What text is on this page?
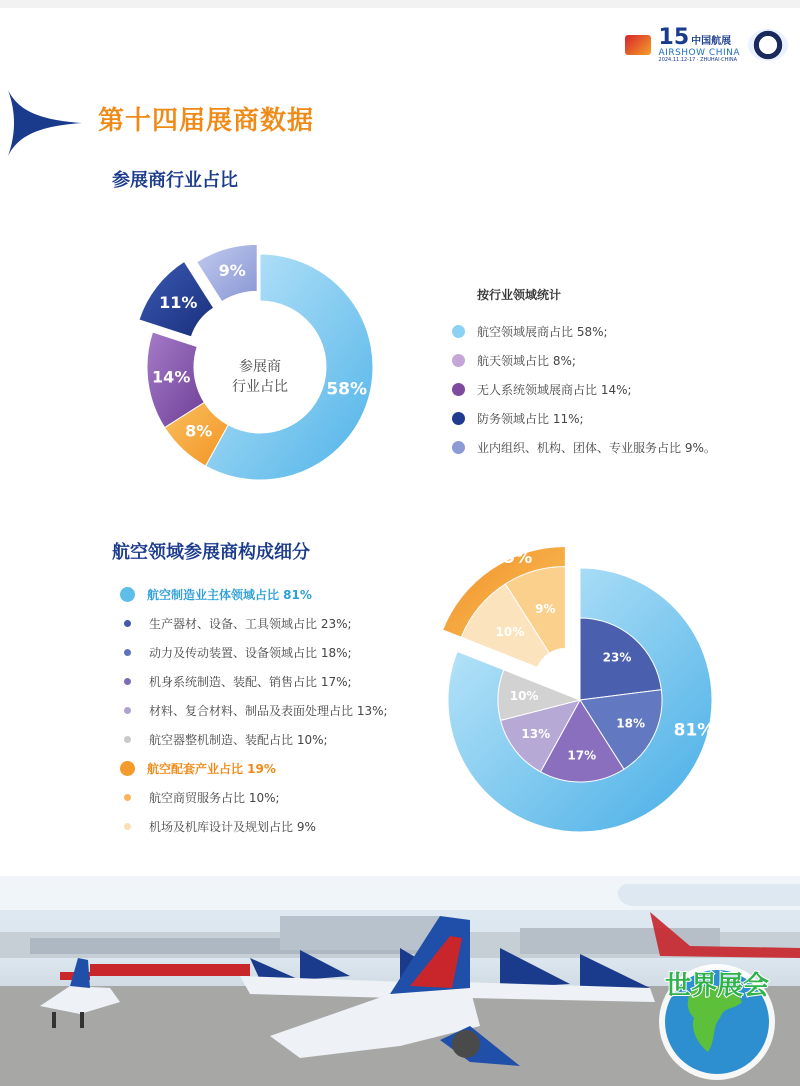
15 中国航展
AIRSHOW CHINA
2024.11.12-17 · ZHUHAI·CHINA
第十四届展商数据
参展商行业占比
58%
8%
14%
11%
9%
参展商
行业占比
按行业领域统计
航空领域展商占比 58%;
航天领域占比 8%;
无人系统领域展商占比 14%;
防务领域占比 11%;
业内组织、机构、团体、专业服务占比 9%。
航空领域参展商构成细分
航空制造业主体领域占比 81%
生产器材、设备、工具领域占比 23%;
动力及传动装置、设备领域占比 18%;
机身系统制造、装配、销售占比 17%;
材料、复合材料、制品及表面处理占比 13%;
航空器整机制造、装配占比 10%;
航空配套产业占比 19%
航空商贸服务占比 10%;
机场及机库设计及规划占比 9%
23%
18%
17%
13%
10%
10%
9%
81%
19%
世界展会
